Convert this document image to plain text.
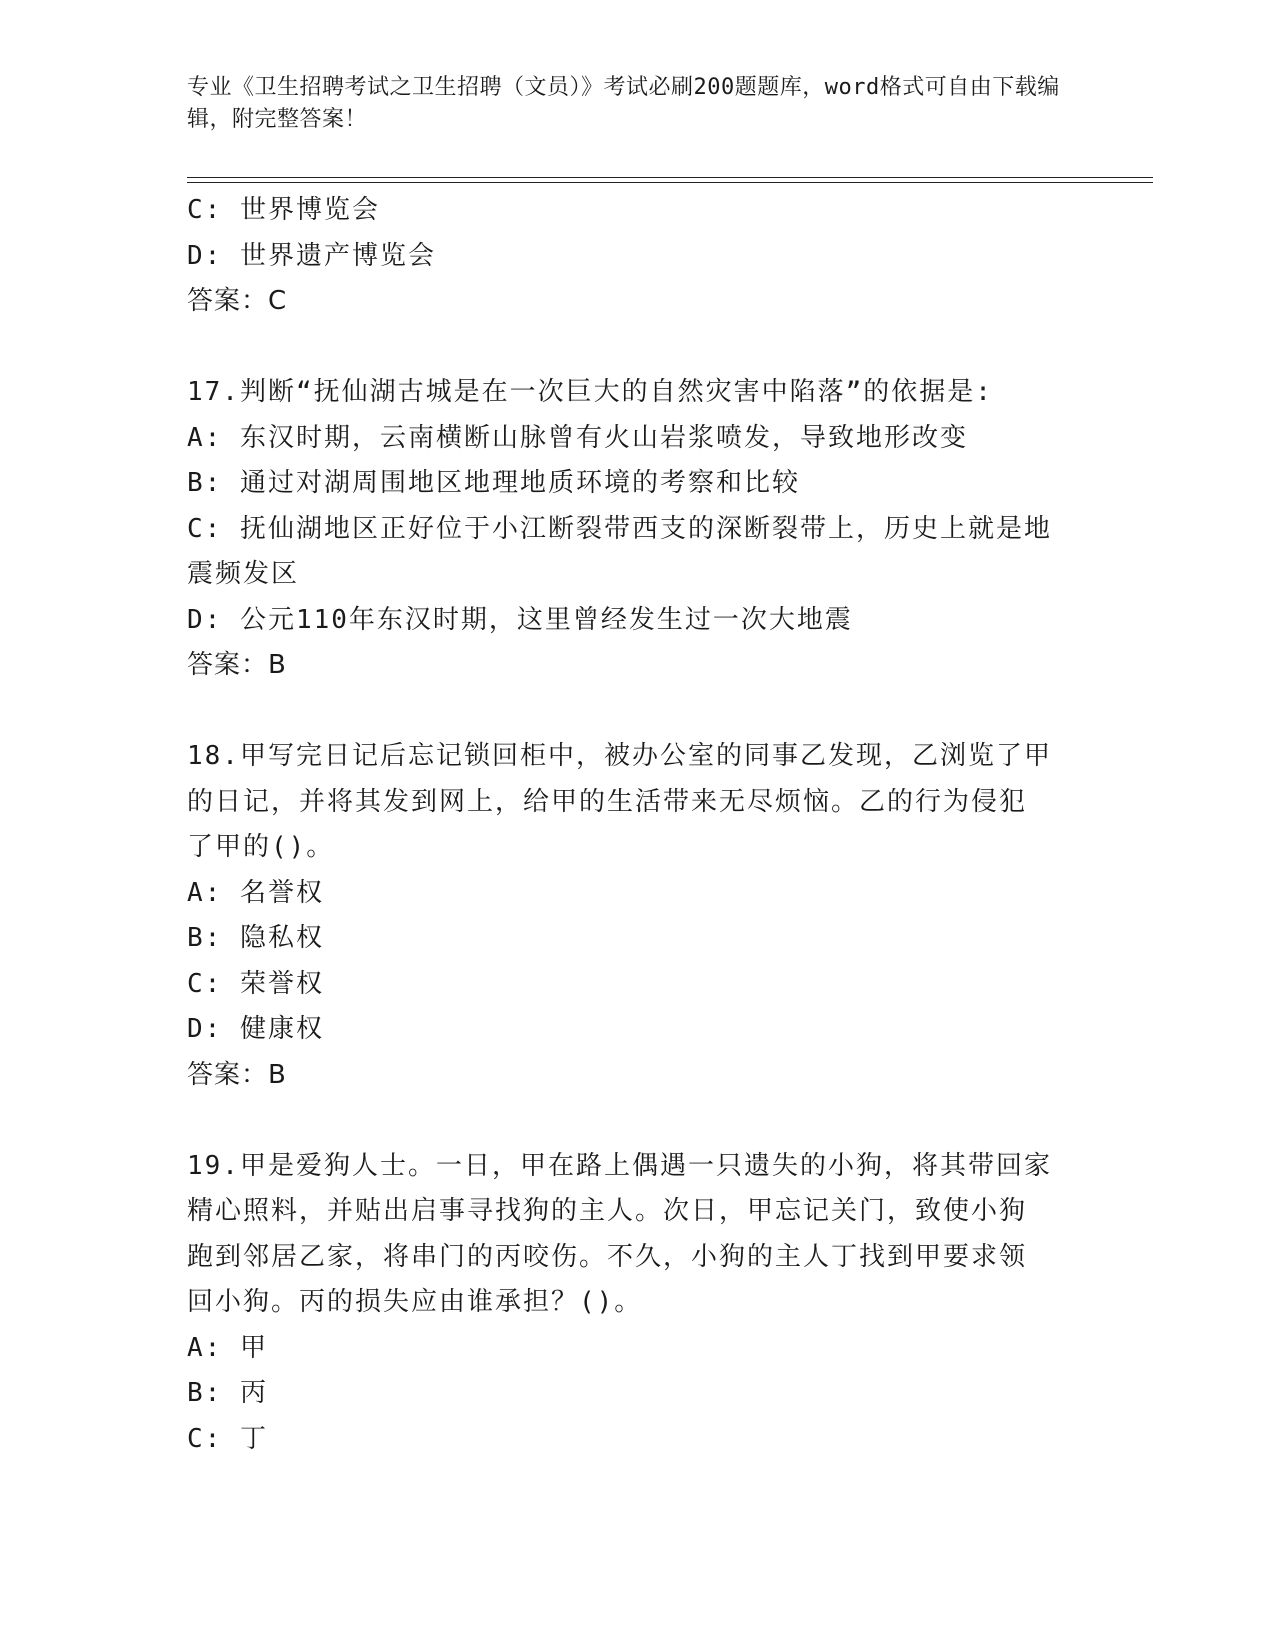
专业《卫生招聘考试之卫生招聘（文员）》考试必刷200题题库，word格式可自由下载编辑，附完整答案！
C: 世界博览会
D: 世界遗产博览会
答案：C
17.判断“抚仙湖古城是在一次巨大的自然灾害中陷落”的依据是:
A: 东汉时期，云南横断山脉曾有火山岩浆喷发，导致地形改变
B: 通过对湖周围地区地理地质环境的考察和比较
C: 抚仙湖地区正好位于小江断裂带西支的深断裂带上，历史上就是地
震频发区
D: 公元110年东汉时期，这里曾经发生过一次大地震
答案：B
18.甲写完日记后忘记锁回柜中，被办公室的同事乙发现，乙浏览了甲
的日记，并将其发到网上，给甲的生活带来无尽烦恼。乙的行为侵犯
了甲的()。
A: 名誉权
B: 隐私权
C: 荣誉权
D: 健康权
答案：B
19.甲是爱狗人士。一日，甲在路上偶遇一只遗失的小狗，将其带回家
精心照料，并贴出启事寻找狗的主人。次日，甲忘记关门，致使小狗
跑到邻居乙家，将串门的丙咬伤。不久，小狗的主人丁找到甲要求领
回小狗。丙的损失应由谁承担？()。
A: 甲
B: 丙
C: 丁
